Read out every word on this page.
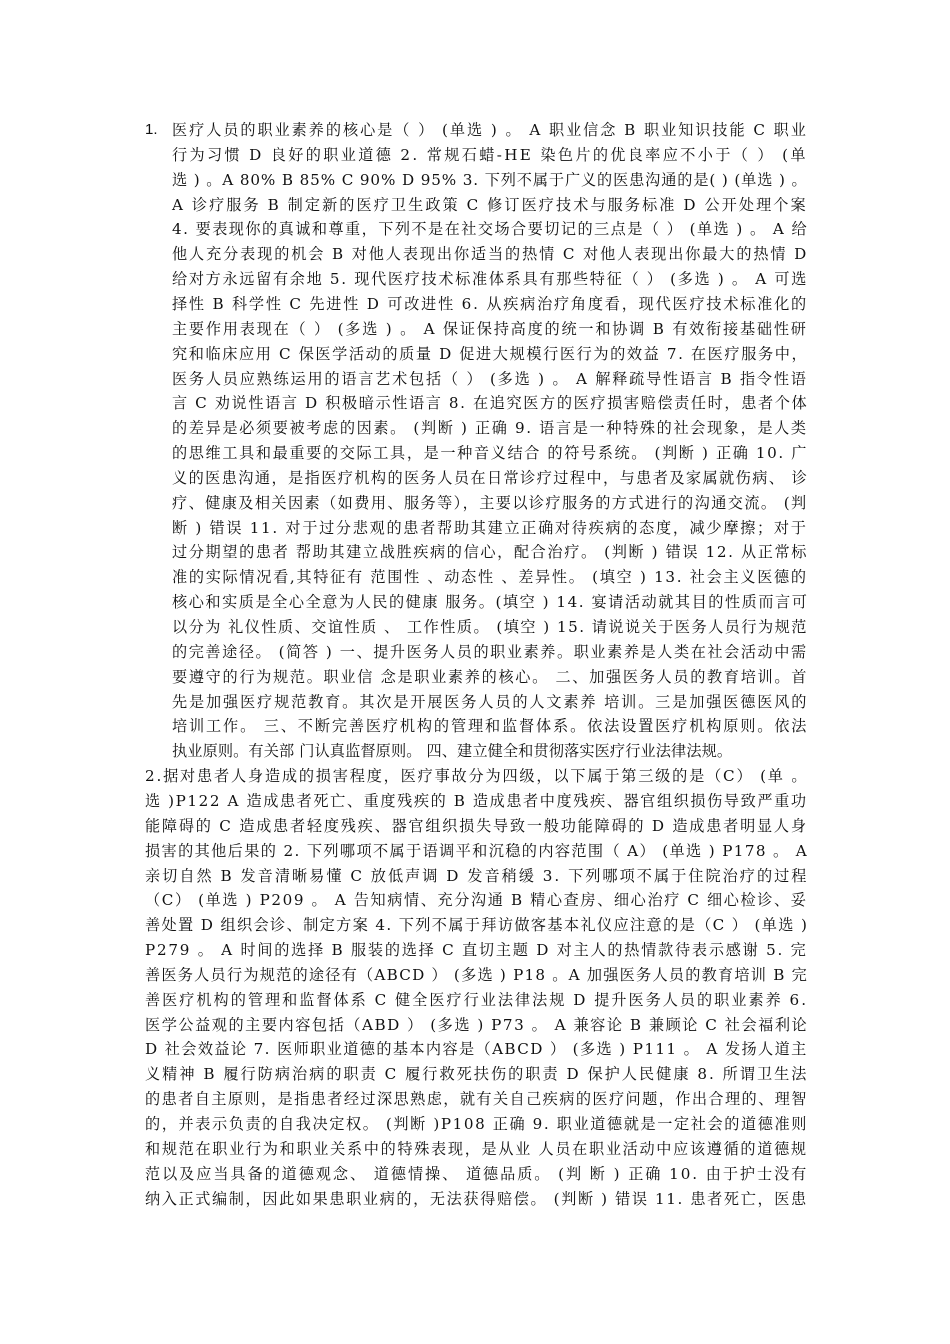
1. 医疗人员的职业素养的核心是（ ） (单选 ) 。 A 职业信念 B 职业知识技能 C 职业
行为习惯 D 良好的职业道德 2. 常规石蜡-HE 染色片的优良率应不小于（ ） (单
选 ) 。A 80% B 85% C 90% D 95% 3. 下列不属于广义的医患沟通的是( ) (单选 ) 。
A 诊疗服务 B 制定新的医疗卫生政策 C 修订医疗技术与服务标准 D 公开处理个案
4. 要表现你的真诚和尊重，下列不是在社交场合要切记的三点是（ ） (单选 ) 。 A 给
他人充分表现的机会 B 对他人表现出你适当的热情 C 对他人表现出你最大的热情 D
给对方永远留有余地 5. 现代医疗技术标准体系具有那些特征（ ） (多选 ) 。 A 可选
择性 B 科学性 C 先进性 D 可改进性 6. 从疾病治疗角度看，现代医疗技术标准化的
主要作用表现在（ ） (多选 ) 。 A 保证保持高度的统一和协调 B 有效衔接基础性研
究和临床应用 C 保医学活动的质量 D 促进大规模行医行为的效益 7. 在医疗服务中，
医务人员应熟练运用的语言艺术包括（ ） (多选 ) 。 A 解释疏导性语言 B 指令性语
言 C 劝说性语言 D 积极暗示性语言 8. 在追究医方的医疗损害赔偿责任时，患者个体
的差异是必须要被考虑的因素。 (判断 ) 正确 9. 语言是一种特殊的社会现象，是人类
的思维工具和最重要的交际工具，是一种音义结合 的符号系统。 (判断 ) 正确 10. 广
义的医患沟通，是指医疗机构的医务人员在日常诊疗过程中，与患者及家属就伤病、 诊
疗、健康及相关因素（如费用、服务等），主要以诊疗服务的方式进行的沟通交流。 (判
断 ) 错误 11. 对于过分悲观的患者帮助其建立正确对待疾病的态度，减少摩擦；对于
过分期望的患者 帮助其建立战胜疾病的信心，配合治疗。 (判断 ) 错误 12. 从正常标
准的实际情况看,其特征有 范围性 、动态性 、差异性。 (填空 ) 13. 社会主义医德的
核心和实质是全心全意为人民的健康 服务。(填空 ) 14. 宴请活动就其目的性质而言可
以分为 礼仪性质、交谊性质 、 工作性质。 (填空 ) 15. 请说说关于医务人员行为规范
的完善途径。 (简答 ) 一、提升医务人员的职业素养。职业素养是人类在社会活动中需
要遵守的行为规范。职业信 念是职业素养的核心。 二、加强医务人员的教育培训。首
先是加强医疗规范教育。其次是开展医务人员的人文素养 培训。三是加强医德医风的
培训工作。 三、不断完善医疗机构的管理和监督体系。依法设置医疗机构原则。依法
执业原则。有关部 门认真监督原则。 四、建立健全和贯彻落实医疗行业法律法规。
2.据对患者人身造成的损害程度，医疗事故分为四级，以下属于第三级的是（C） (单 。
选 )P122 A 造成患者死亡、重度残疾的 B 造成患者中度残疾、器官组织损伤导致严重功
能障碍的 C 造成患者轻度残疾、器官组织损失导致一般功能障碍的 D 造成患者明显人身
损害的其他后果的 2. 下列哪项不属于语调平和沉稳的内容范围（ A） (单选 ) P178 。 A
亲切自然 B 发音清晰易懂 C 放低声调 D 发音稍缓 3. 下列哪项不属于住院治疗的过程
（C） (单选 ) P209 。 A 告知病情、充分沟通 B 精心查房、细心治疗 C 细心检诊、妥
善处置 D 组织会诊、制定方案 4. 下列不属于拜访做客基本礼仪应注意的是（C ） (单选 )
P279 。 A 时间的选择 B 服装的选择 C 直切主题 D 对主人的热情款待表示感谢 5. 完
善医务人员行为规范的途径有（ABCD ） (多选 ) P18 。A 加强医务人员的教育培训 B 完
善医疗机构的管理和监督体系 C 健全医疗行业法律法规 D 提升医务人员的职业素养 6.
医学公益观的主要内容包括（ABD ） (多选 ) P73 。 A 兼容论 B 兼顾论 C 社会福利论
D 社会效益论 7. 医师职业道德的基本内容是（ABCD ） (多选 ) P111 。 A 发扬人道主
义精神 B 履行防病治病的职责 C 履行救死扶伤的职责 D 保护人民健康 8. 所谓卫生法
的患者自主原则，是指患者经过深思熟虑，就有关自己疾病的医疗问题，作出合理的、理智
的，并表示负责的自我决定权。 (判断 )P108 正确 9. 职业道德就是一定社会的道德准则
和规范在职业行为和职业关系中的特殊表现，是从业 人员在职业活动中应该遵循的道德规
范以及应当具备的道德观念、 道德情操、 道德品质。 (判 断 ) 正确 10. 由于护士没有
纳入正式编制，因此如果患职业病的，无法获得赔偿。 (判断 ) 错误 11. 患者死亡，医患
